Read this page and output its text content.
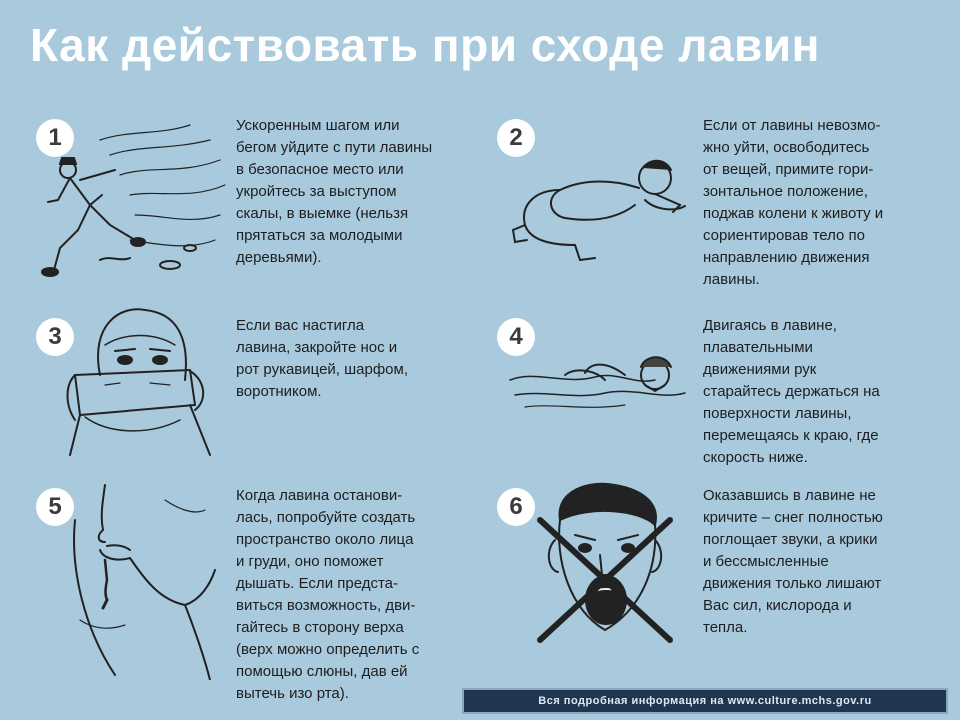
Как действовать при сходе лавин
1	Ускоренным шагом или
бегом уйдите с пути лавины
в безопасное место или
укройтесь за выступом
скалы, в выемке (нельзя
прятаться за молодыми
деревьями).
2	Если от лавины невозмо-
жно уйти, освободитесь
от вещей, примите гори-
зонтальное положение,
поджав колени к животу и
сориентировав тело по
направлению движения
лавины.
3	Если вас настигла
лавина, закройте нос и
рот рукавицей, шарфом,
воротником.
4	Двигаясь в лавине,
плавательными
движениями рук
старайтесь держаться на
поверхности лавины,
перемещаясь к краю, где
скорость ниже.
5	Когда лавина останови-
лась, попробуйте создать
пространство около лица
и груди, оно поможет
дышать. Если предста-
виться возможность, дви-
гайтесь в сторону верха
(верх можно определить с
помощью слюны, дав ей
вытечь изо рта).
6	Оказавшись в лавине не
кричите – снег полностью
поглощает звуки, а крики
и бессмысленные
движения только лишают
Вас сил, кислорода и
тепла.
Вся подробная информация на www.culture.mchs.gov.ru
